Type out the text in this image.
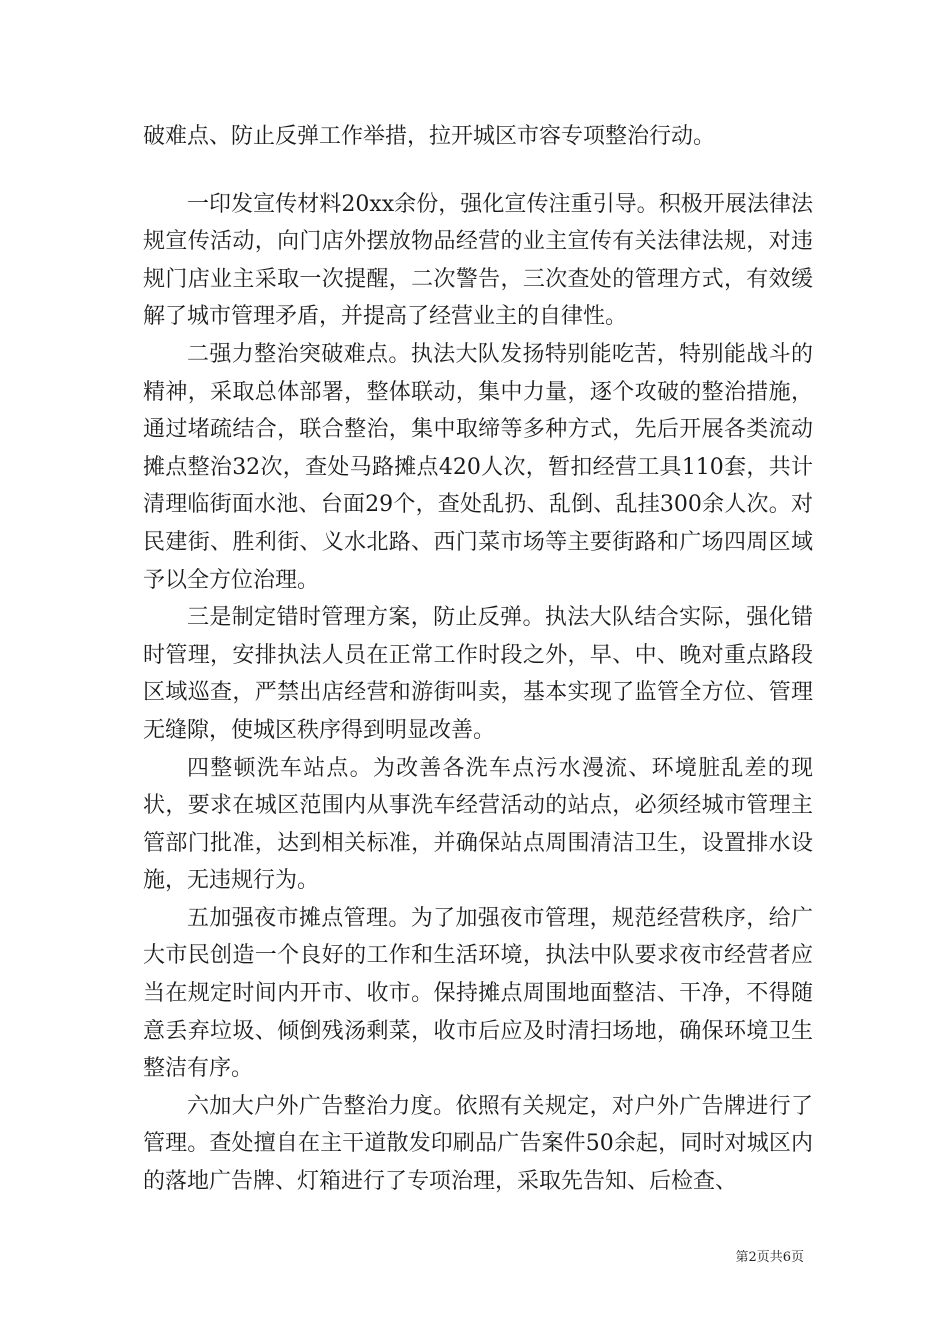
破难点、防止反弹工作举措，拉开城区市容专项整治行动。

一印发宣传材料20xx余份，强化宣传注重引导。积极开展法律法规宣传活动，向门店外摆放物品经营的业主宣传有关法律法规，对违规门店业主采取一次提醒，二次警告，三次查处的管理方式，有效缓解了城市管理矛盾，并提高了经营业主的自律性。

二强力整治突破难点。执法大队发扬特别能吃苦，特别能战斗的精神，采取总体部署，整体联动，集中力量，逐个攻破的整治措施，通过堵疏结合，联合整治，集中取缔等多种方式，先后开展各类流动摊点整治32次，查处马路摊点420人次，暂扣经营工具110套，共计清理临街面水池、台面29个，查处乱扔、乱倒、乱挂300余人次。对民建街、胜利街、义水北路、西门菜市场等主要街路和广场四周区域予以全方位治理。

三是制定错时管理方案，防止反弹。执法大队结合实际，强化错时管理，安排执法人员在正常工作时段之外，早、中、晚对重点路段区域巡查，严禁出店经营和游街叫卖，基本实现了监管全方位、管理无缝隙，使城区秩序得到明显改善。

四整顿洗车站点。为改善各洗车点污水漫流、环境脏乱差的现状，要求在城区范围内从事洗车经营活动的站点，必须经城市管理主管部门批准，达到相关标准，并确保站点周围清洁卫生，设置排水设施，无违规行为。

五加强夜市摊点管理。为了加强夜市管理，规范经营秩序，给广大市民创造一个良好的工作和生活环境，执法中队要求夜市经营者应当在规定时间内开市、收市。保持摊点周围地面整洁、干净，不得随意丢弃垃圾、倾倒残汤剩菜，收市后应及时清扫场地，确保环境卫生整洁有序。

六加大户外广告整治力度。依照有关规定，对户外广告牌进行了管理。查处擅自在主干道散发印刷品广告案件50余起，同时对城区内的落地广告牌、灯箱进行了专项治理，采取先告知、后检查、

第2页共6页
